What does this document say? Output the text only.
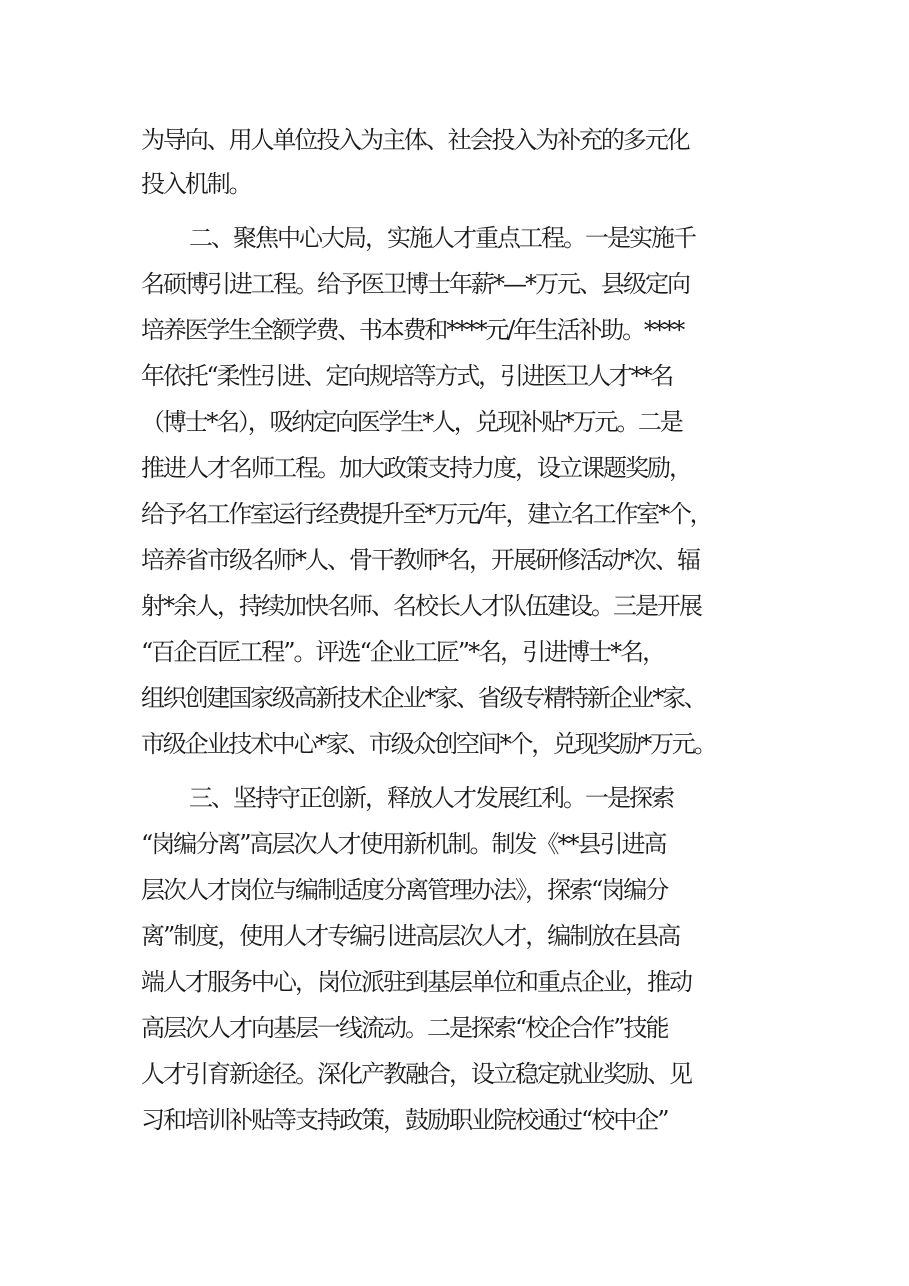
为导向、用人单位投入为主体、社会投入为补充的多元化

投入机制。

二、聚焦中心大局，实施人才重点工程。一是实施千

名硕博引进工程。给予医卫博士年薪*—*万元、县级定向

培养医学生全额学费、书本费和****元/年生活补助。****

年依托“柔性引进、定向规培等方式，引进医卫人才**名

（博士*名），吸纳定向医学生*人，兑现补贴*万元。二是

推进人才名师工程。加大政策支持力度，设立课题奖励，

给予名工作室运行经费提升至*万元/年，建立名工作室*个，

培养省市级名师*人、骨干教师*名，开展研修活动*次、辐

射*余人，持续加快名师、名校长人才队伍建设。三是开展

“百企百匠工程”。评选“企业工匠”*名，引进博士*名，

组织创建国家级高新技术企业*家、省级专精特新企业*家、

市级企业技术中心*家、市级众创空间*个，兑现奖励*万元。

三、坚持守正创新，释放人才发展红利。一是探索

“岗编分离”高层次人才使用新机制。制发《**县引进高

层次人才岗位与编制适度分离管理办法》，探索“岗编分

离”制度，使用人才专编引进高层次人才，编制放在县高

端人才服务中心，岗位派驻到基层单位和重点企业，推动

高层次人才向基层一线流动。二是探索“校企合作”技能

人才引育新途径。深化产教融合，设立稳定就业奖励、见

习和培训补贴等支持政策，鼓励职业院校通过“校中企”
